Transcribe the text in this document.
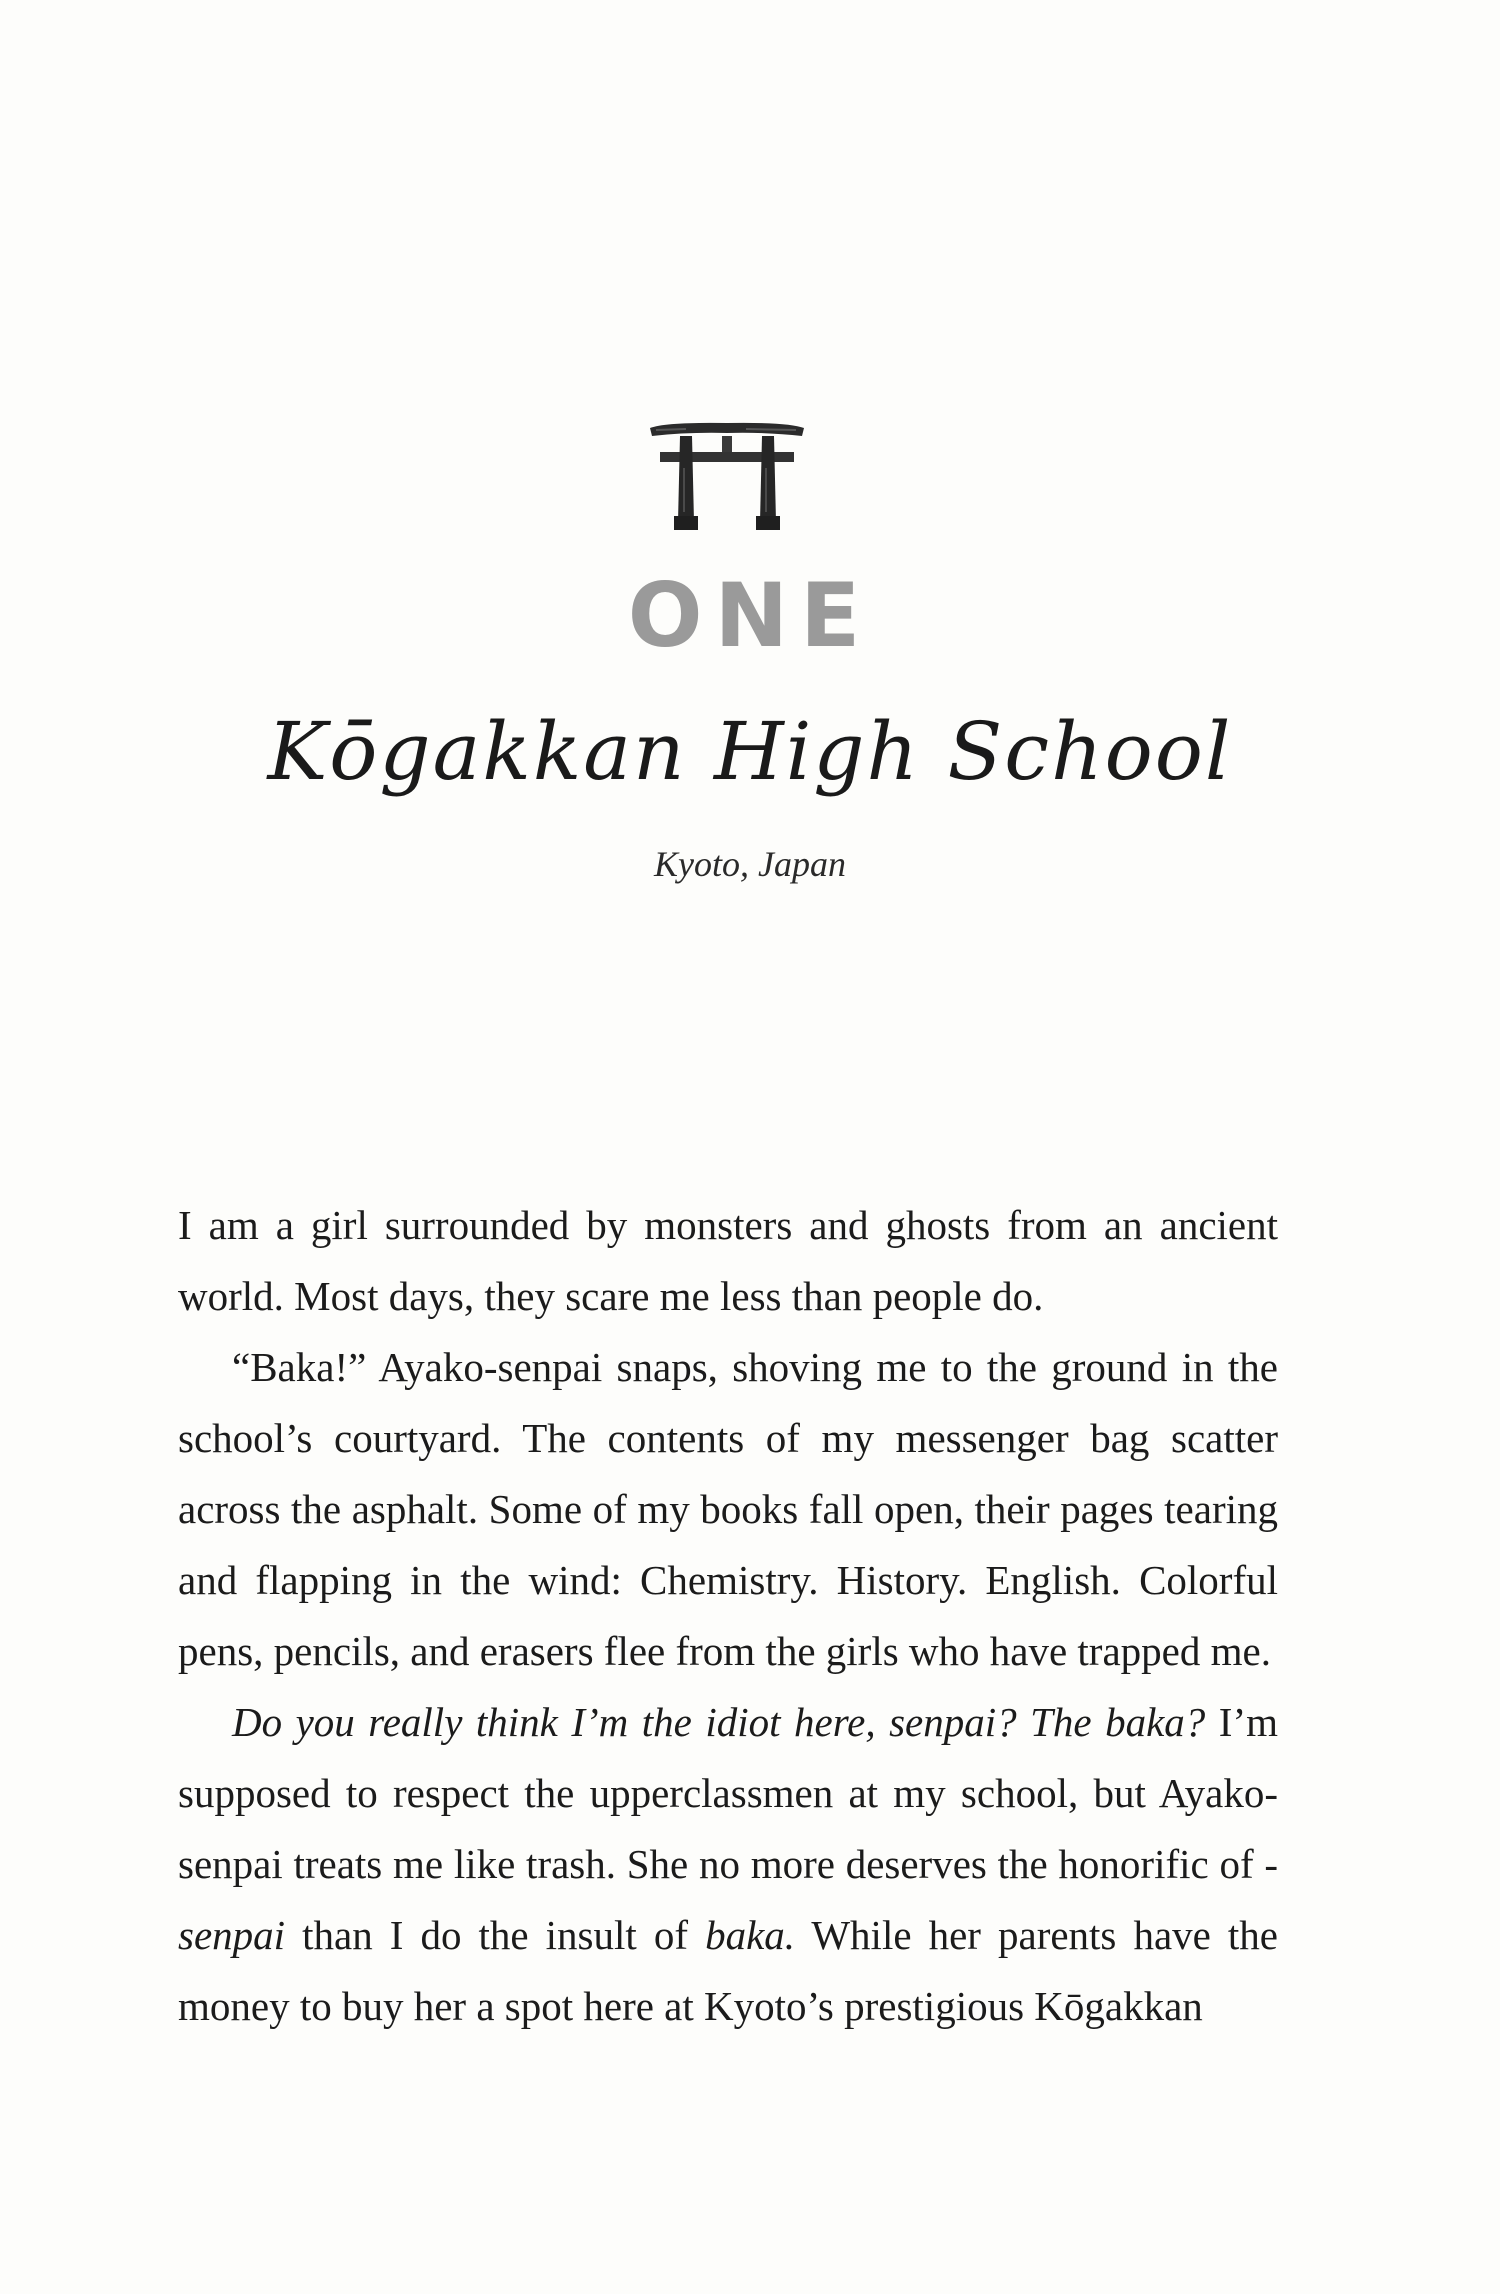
ONE
Kōgakkan High School
Kyoto, Japan

I am a girl surrounded by monsters and ghosts from an ancient world. Most days, they scare me less than people do.

“Baka!” Ayako-senpai snaps, shoving me to the ground in the school’s courtyard. The contents of my messenger bag scatter across the asphalt. Some of my books fall open, their pages tearing and flapping in the wind: Chemistry. History. English. Colorful pens, pencils, and erasers flee from the girls who have trapped me.

Do you really think I’m the idiot here, senpai? The baka? I’m supposed to respect the upperclassmen at my school, but Ayako-senpai treats me like trash. She no more deserves the honorific of -senpai than I do the insult of baka. While her parents have the money to buy her a spot here at Kyoto’s prestigious Kōgakkan
